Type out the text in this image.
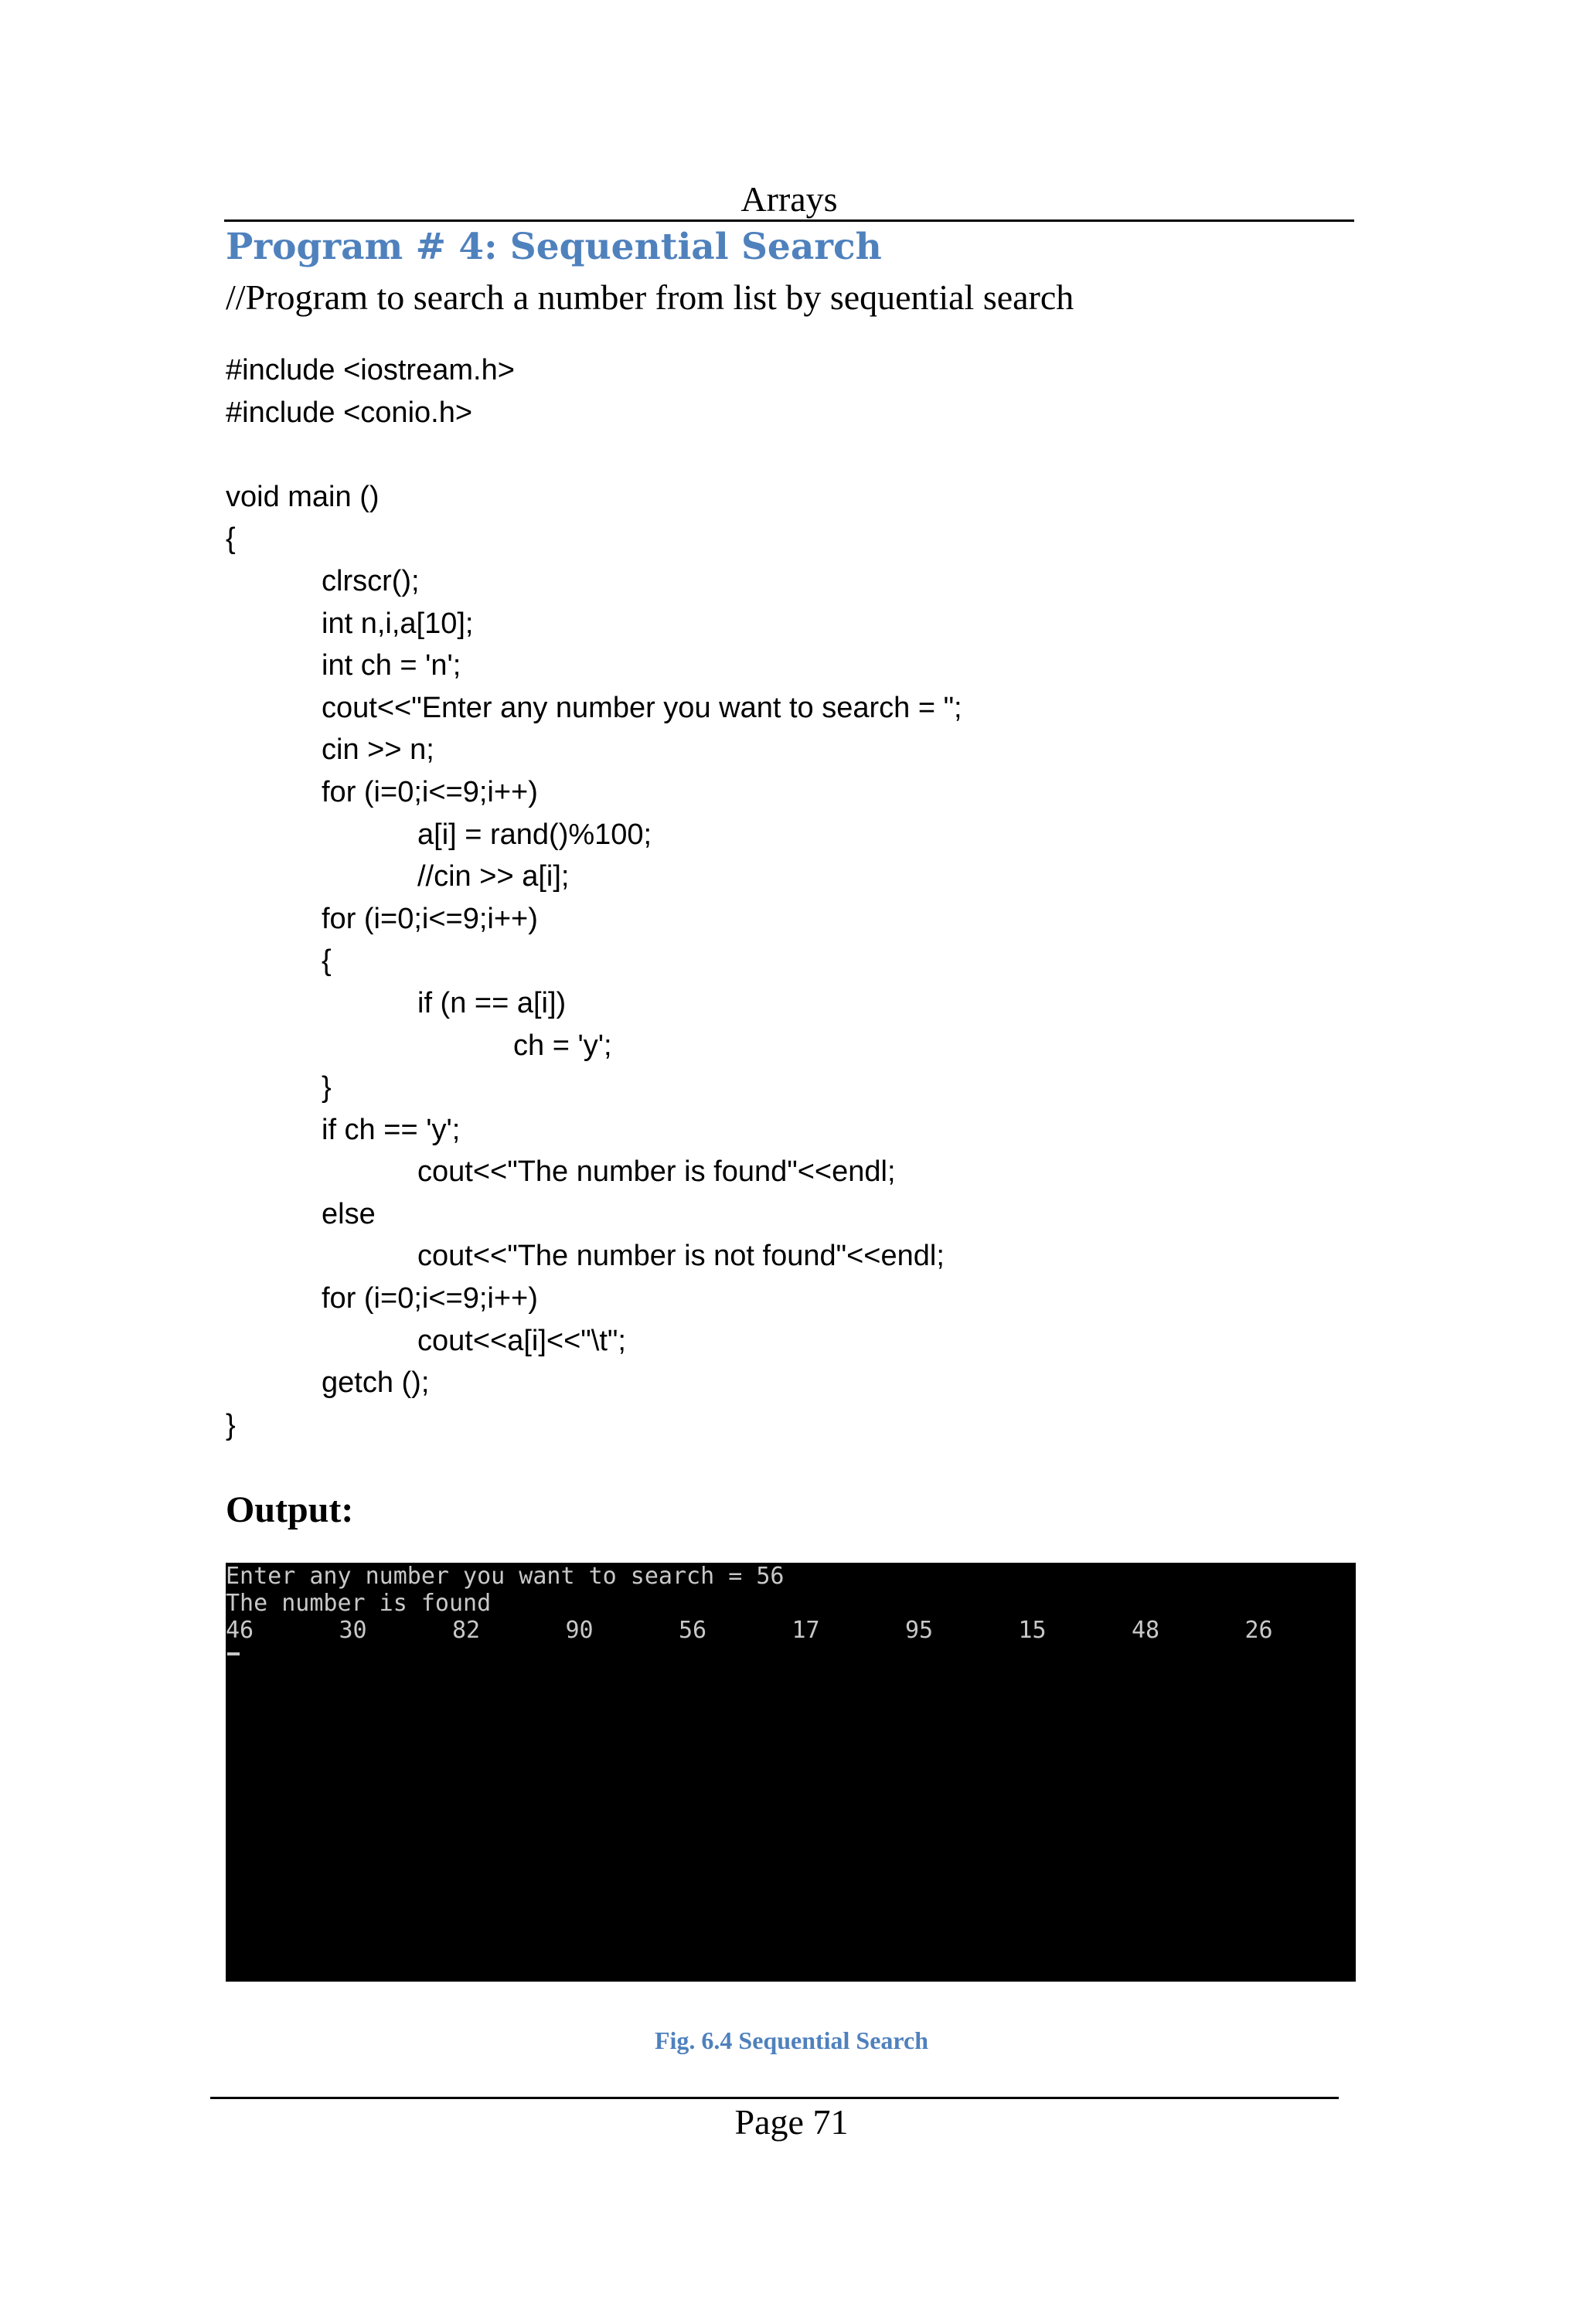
Arrays
Program # 4: Sequential Search
//Program to search a number from list by sequential search
#include <iostream.h>
#include <conio.h>
void main ()
{
clrscr();
int n,i,a[10];
int ch = 'n';
cout<<"Enter any number you want to search = ";
cin >> n;
for (i=0;i<=9;i++)
a[i] = rand()%100;
//cin >> a[i];
for (i=0;i<=9;i++)
{
if (n == a[i])
ch = 'y';
}
if ch == 'y';
cout<<"The number is found"<<endl;
else
cout<<"The number is not found"<<endl;
for (i=0;i<=9;i++)
cout<<a[i]<<"\t";
getch ();
}
Output:
Enter any number you want to search = 56
The number is found
46	30	82	90	56	17	95	15	48	26
Fig. 6.4 Sequential Search
Page 71
